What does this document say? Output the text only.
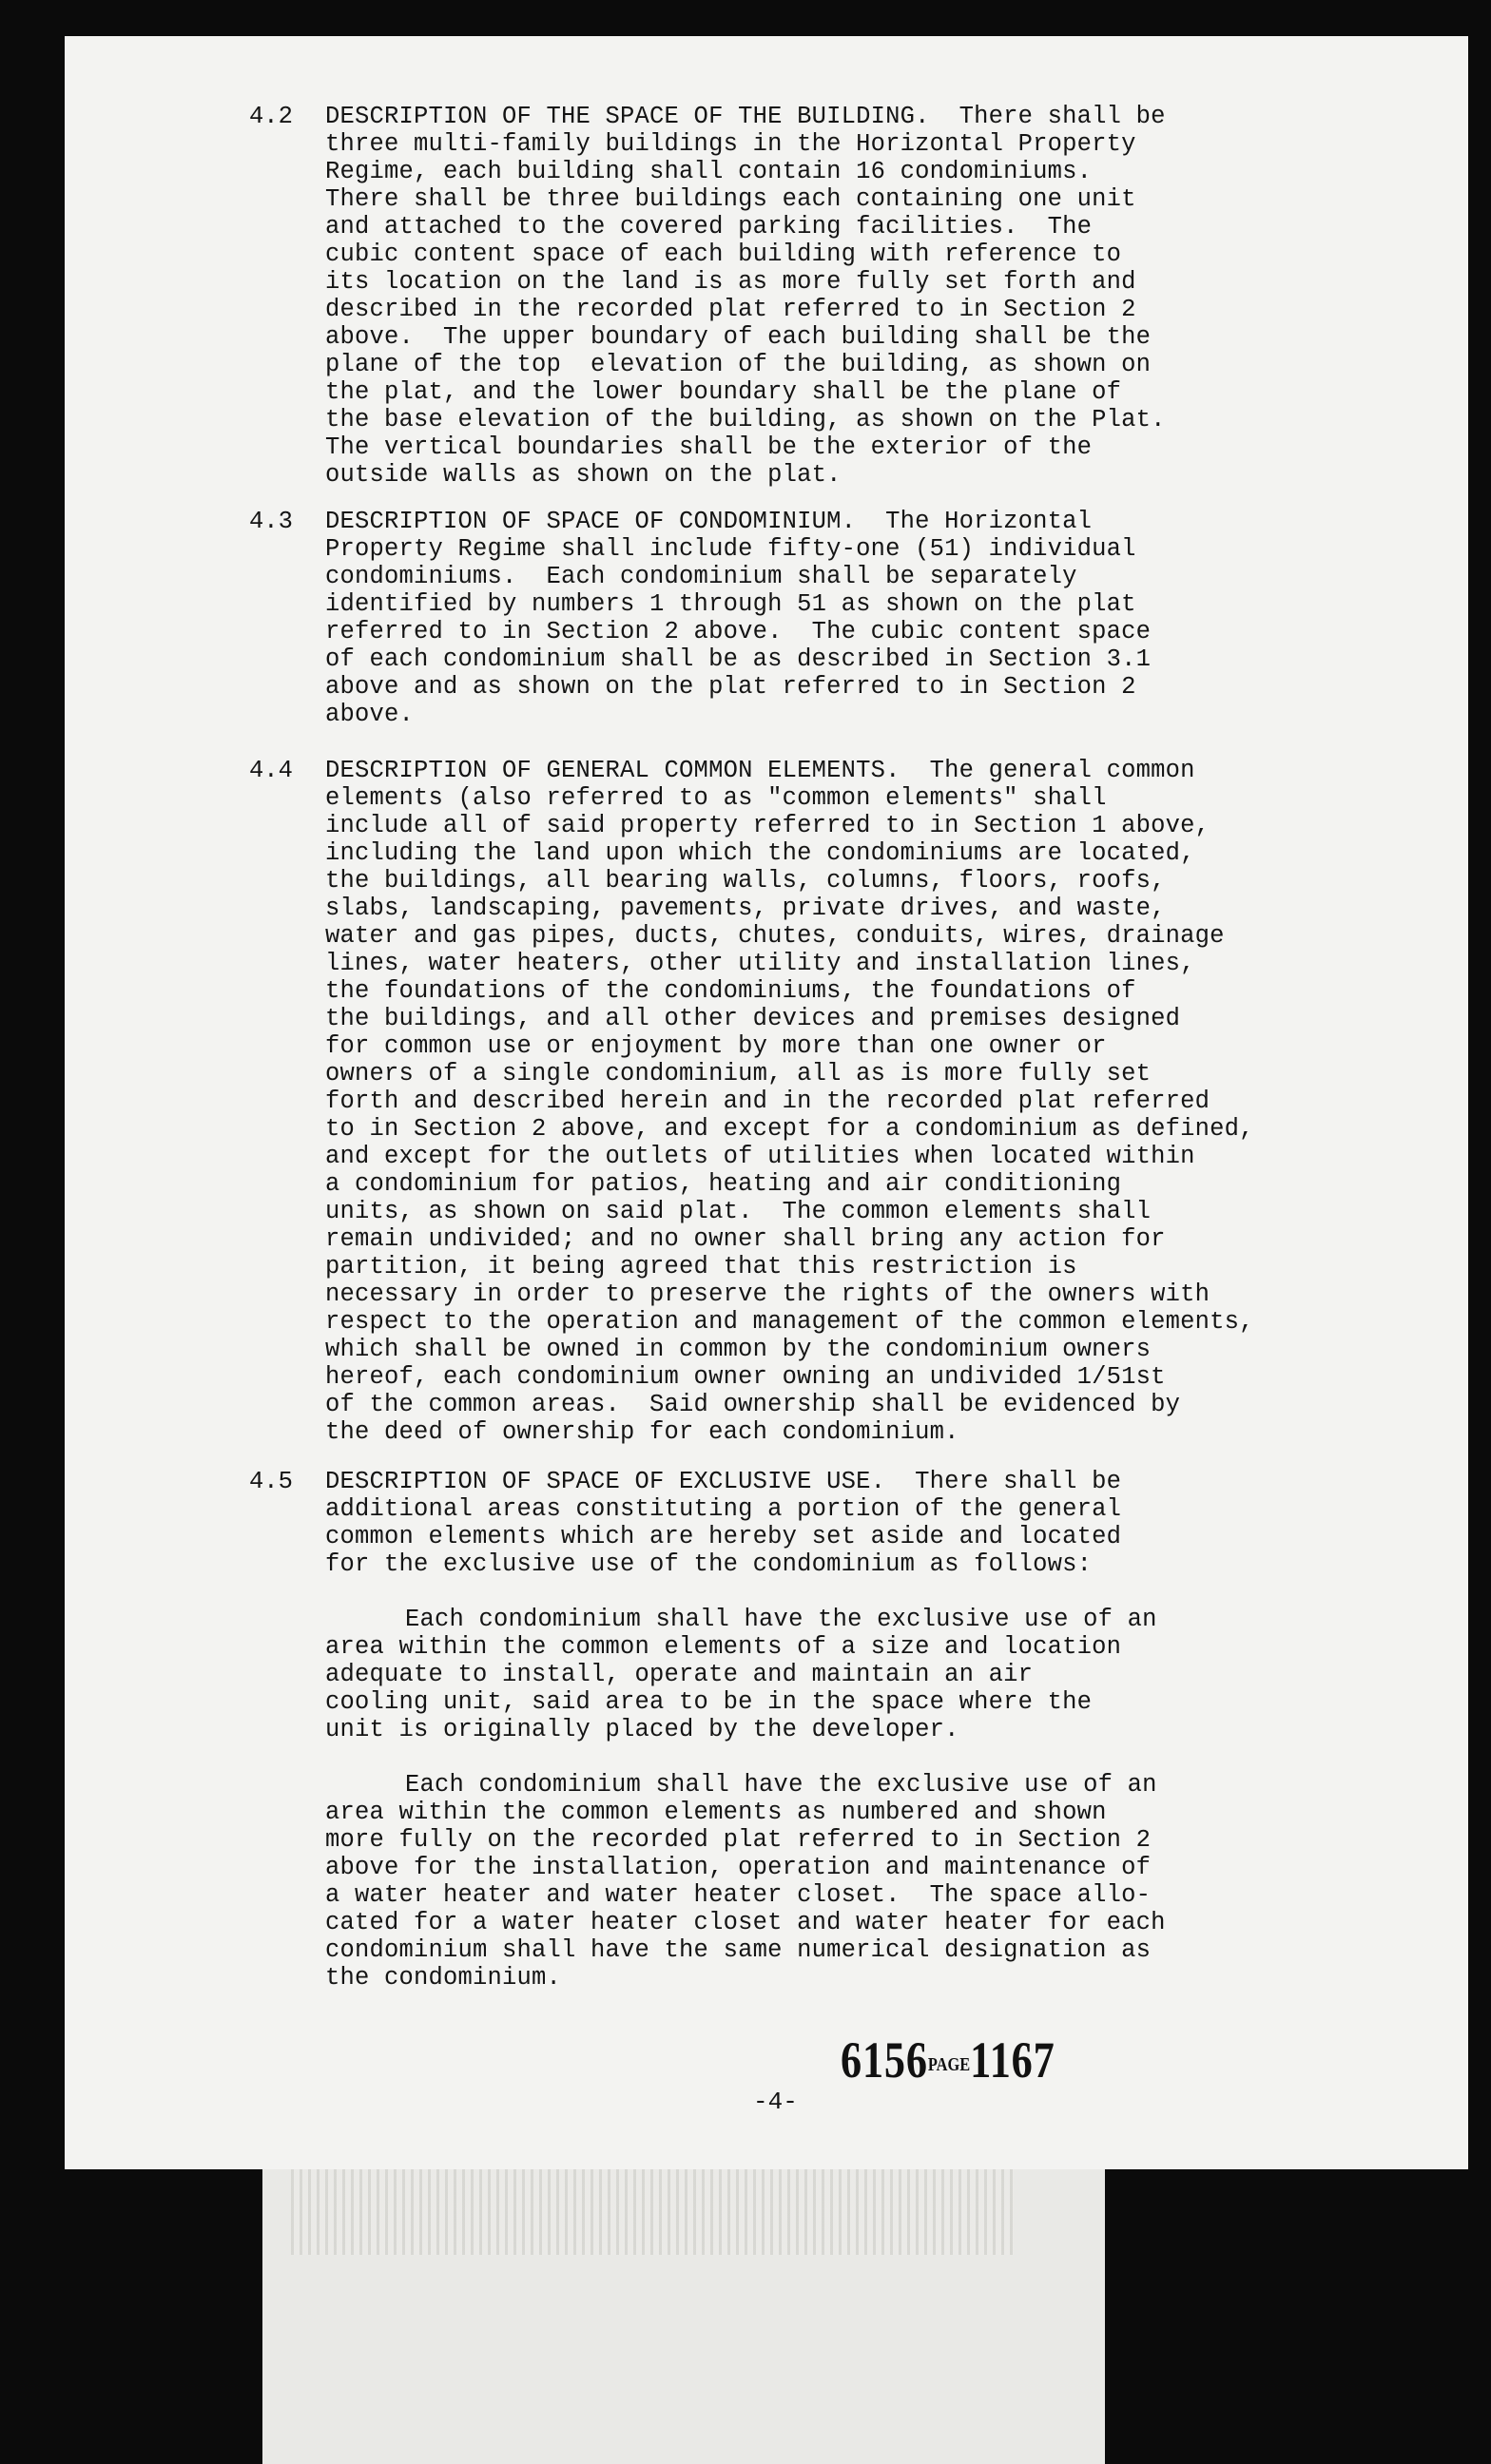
4.2	DESCRIPTION OF THE SPACE OF THE BUILDING.  There shall be
three multi-family buildings in the Horizontal Property
Regime, each building shall contain 16 condominiums.
There shall be three buildings each containing one unit
and attached to the covered parking facilities.  The
cubic content space of each building with reference to
its location on the land is as more fully set forth and
described in the recorded plat referred to in Section 2
above.  The upper boundary of each building shall be the
plane of the top  elevation of the building, as shown on
the plat, and the lower boundary shall be the plane of
the base elevation of the building, as shown on the Plat.
The vertical boundaries shall be the exterior of the
outside walls as shown on the plat.
4.3	DESCRIPTION OF SPACE OF CONDOMINIUM.  The Horizontal
Property Regime shall include fifty-one (51) individual
condominiums.  Each condominium shall be separately
identified by numbers 1 through 51 as shown on the plat
referred to in Section 2 above.  The cubic content space
of each condominium shall be as described in Section 3.1
above and as shown on the plat referred to in Section 2
above.
4.4	DESCRIPTION OF GENERAL COMMON ELEMENTS.  The general common
elements (also referred to as "common elements" shall
include all of said property referred to in Section 1 above,
including the land upon which the condominiums are located,
the buildings, all bearing walls, columns, floors, roofs,
slabs, landscaping, pavements, private drives, and waste,
water and gas pipes, ducts, chutes, conduits, wires, drainage
lines, water heaters, other utility and installation lines,
the foundations of the condominiums, the foundations of
the buildings, and all other devices and premises designed
for common use or enjoyment by more than one owner or
owners of a single condominium, all as is more fully set
forth and described herein and in the recorded plat referred
to in Section 2 above, and except for a condominium as defined,
and except for the outlets of utilities when located within
a condominium for patios, heating and air conditioning
units, as shown on said plat.  The common elements shall
remain undivided; and no owner shall bring any action for
partition, it being agreed that this restriction is
necessary in order to preserve the rights of the owners with
respect to the operation and management of the common elements,
which shall be owned in common by the condominium owners
hereof, each condominium owner owning an undivided 1/51st
of the common areas.  Said ownership shall be evidenced by
the deed of ownership for each condominium.
4.5	DESCRIPTION OF SPACE OF EXCLUSIVE USE.  There shall be
additional areas constituting a portion of the general
common elements which are hereby set aside and located
for the exclusive use of the condominium as follows:
Each condominium shall have the exclusive use of an
area within the common elements of a size and location
adequate to install, operate and maintain an air
cooling unit, said area to be in the space where the
unit is originally placed by the developer.
Each condominium shall have the exclusive use of an
area within the common elements as numbered and shown
more fully on the recorded plat referred to in Section 2
above for the installation, operation and maintenance of
a water heater and water heater closet.  The space allo-
cated for a water heater closet and water heater for each
condominium shall have the same numerical designation as
the condominium.
6156PAGE1167
-4-
